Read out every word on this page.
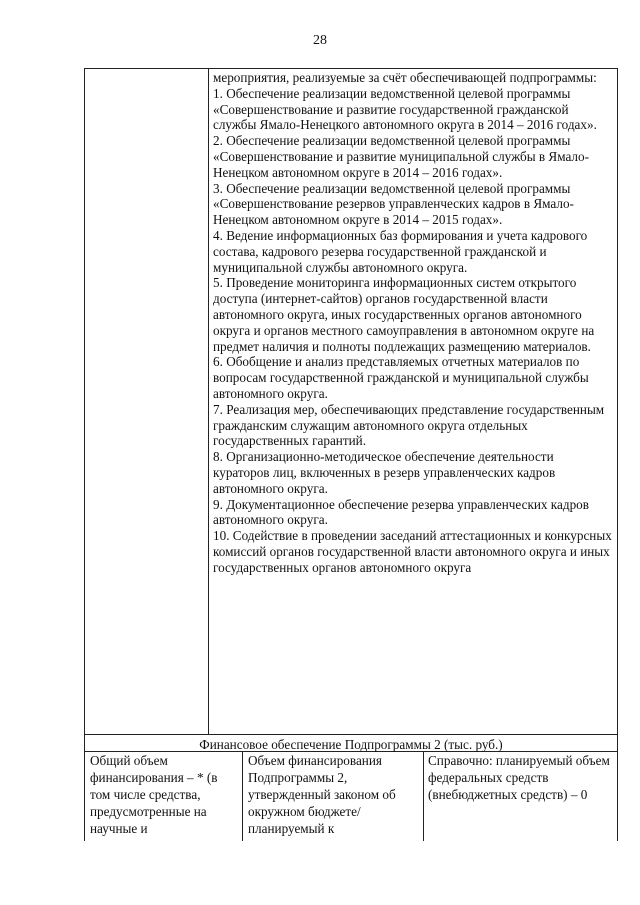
28
мероприятия, реализуемые за счёт обеспечивающей подпрограммы:
1. Обеспечение реализации ведомственной целевой программы «Совершенствование и развитие государственной гражданской службы Ямало-Ненецкого автономного округа в 2014 – 2016 годах».
2. Обеспечение реализации ведомственной целевой программы «Совершенствование и развитие муниципальной службы в Ямало-Ненецком автономном округе в 2014 – 2016 годах».
3. Обеспечение реализации ведомственной целевой программы «Совершенствование резервов управленческих кадров в Ямало-Ненецком автономном округе в 2014 – 2015 годах».
4. Ведение информационных баз формирования и учета кадрового состава, кадрового резерва государственной гражданской и муниципальной службы автономного округа.
5. Проведение мониторинга информационных систем открытого доступа (интернет-сайтов) органов государственной власти автономного округа, иных государственных органов автономного округа и органов местного самоуправления в автономном округе на предмет наличия и полноты подлежащих размещению материалов.
6. Обобщение и анализ представляемых отчетных материалов по вопросам государственной гражданской и муниципальной службы автономного округа.
7. Реализация мер, обеспечивающих представление государственным гражданским служащим автономного округа отдельных государственных гарантий.
8. Организационно-методическое обеспечение деятельности кураторов лиц, включенных в резерв управленческих кадров автономного округа.
9. Документационное обеспечение резерва управленческих кадров автономного округа.
10. Содействие в проведении заседаний аттестационных и конкурсных комиссий органов государственной власти автономного округа и иных государственных органов автономного округа
Финансовое обеспечение Подпрограммы 2 (тыс. руб.)
Общий объем финансирования – * (в том числе средства, предусмотренные на научные и
Объем финансирования Подпрограммы 2, утвержденный законом об окружном бюджете/планируемый к
Справочно: планируемый объем федеральных средств (внебюджетных средств) – 0
